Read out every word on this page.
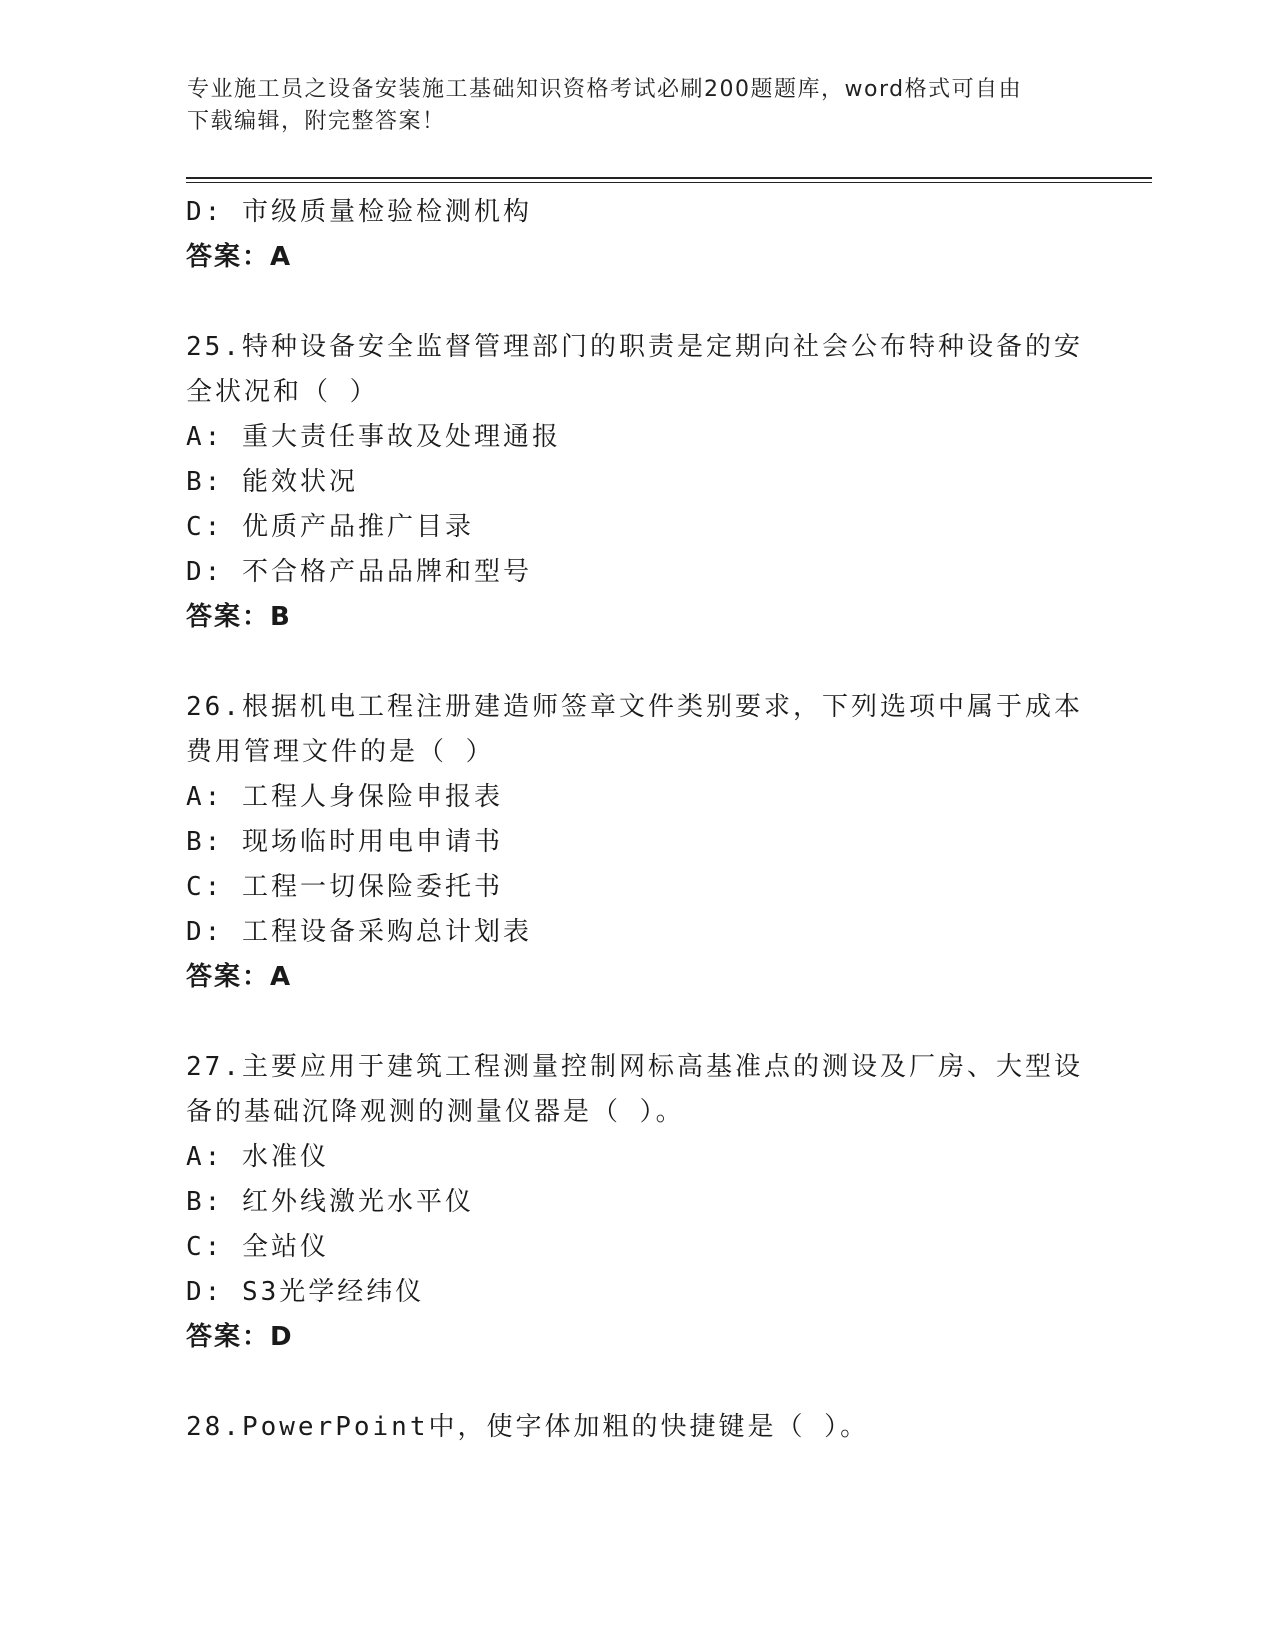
专业施工员之设备安装施工基础知识资格考试必刷200题题库，word格式可自由
下载编辑，附完整答案！
D: 市级质量检验检测机构
答案：A
25.特种设备安全监督管理部门的职责是定期向社会公布特种设备的安
全状况和（ ）
A: 重大责任事故及处理通报
B: 能效状况
C: 优质产品推广目录
D: 不合格产品品牌和型号
答案：B
26.根据机电工程注册建造师签章文件类别要求，下列选项中属于成本
费用管理文件的是（ ）
A: 工程人身保险申报表
B: 现场临时用电申请书
C: 工程一切保险委托书
D: 工程设备采购总计划表
答案：A
27.主要应用于建筑工程测量控制网标高基准点的测设及厂房、大型设
备的基础沉降观测的测量仪器是（ ）。
A: 水准仪
B: 红外线激光水平仪
C: 全站仪
D: S3光学经纬仪
答案：D
28.PowerPoint中，使字体加粗的快捷键是（ ）。
